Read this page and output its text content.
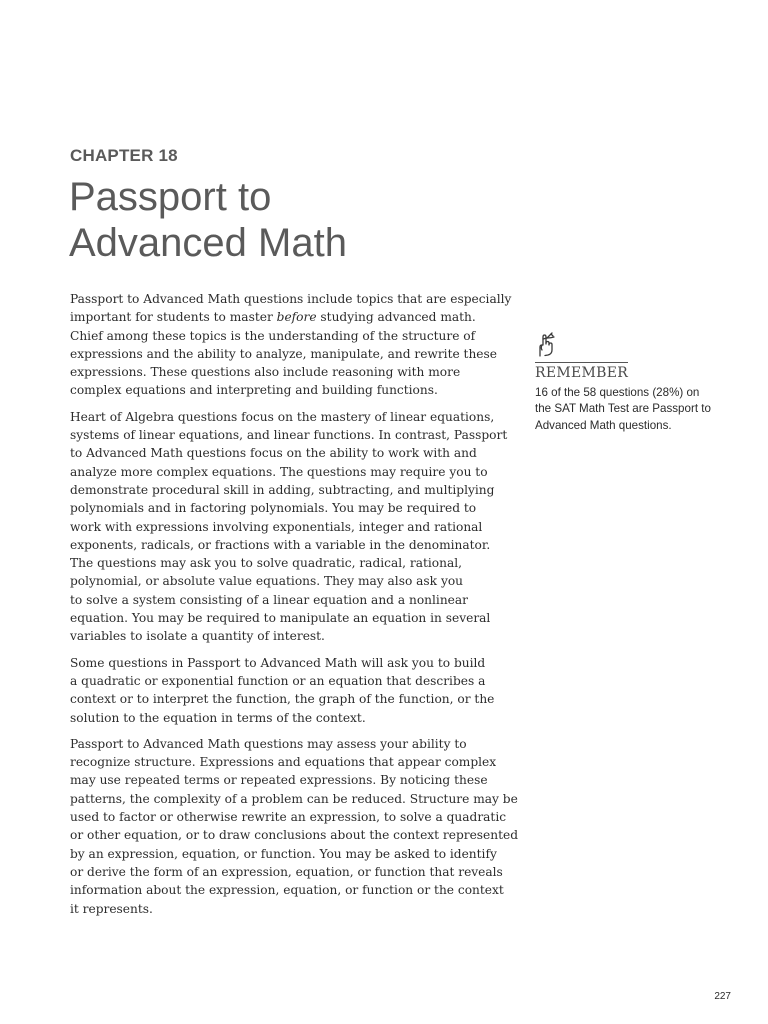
CHAPTER 18
Passport to
Advanced Math

Passport to Advanced Math questions include topics that are especially
important for students to master before studying advanced math.
Chief among these topics is the understanding of the structure of
expressions and the ability to analyze, manipulate, and rewrite these
expressions. These questions also include reasoning with more
complex equations and interpreting and building functions.

Heart of Algebra questions focus on the mastery of linear equations,
systems of linear equations, and linear functions. In contrast, Passport
to Advanced Math questions focus on the ability to work with and
analyze more complex equations. The questions may require you to
demonstrate procedural skill in adding, subtracting, and multiplying
polynomials and in factoring polynomials. You may be required to
work with expressions involving exponentials, integer and rational
exponents, radicals, or fractions with a variable in the denominator.
The questions may ask you to solve quadratic, radical, rational,
polynomial, or absolute value equations. They may also ask you
to solve a system consisting of a linear equation and a nonlinear
equation. You may be required to manipulate an equation in several
variables to isolate a quantity of interest.

Some questions in Passport to Advanced Math will ask you to build
a quadratic or exponential function or an equation that describes a
context or to interpret the function, the graph of the function, or the
solution to the equation in terms of the context.

Passport to Advanced Math questions may assess your ability to
recognize structure. Expressions and equations that appear complex
may use repeated terms or repeated expressions. By noticing these
patterns, the complexity of a problem can be reduced. Structure may be
used to factor or otherwise rewrite an expression, to solve a quadratic
or other equation, or to draw conclusions about the context represented
by an expression, equation, or function. You may be asked to identify
or derive the form of an expression, equation, or function that reveals
information about the expression, equation, or function or the context
it represents.

REMEMBER
16 of the 58 questions (28%) on
the SAT Math Test are Passport to
Advanced Math questions.
227
